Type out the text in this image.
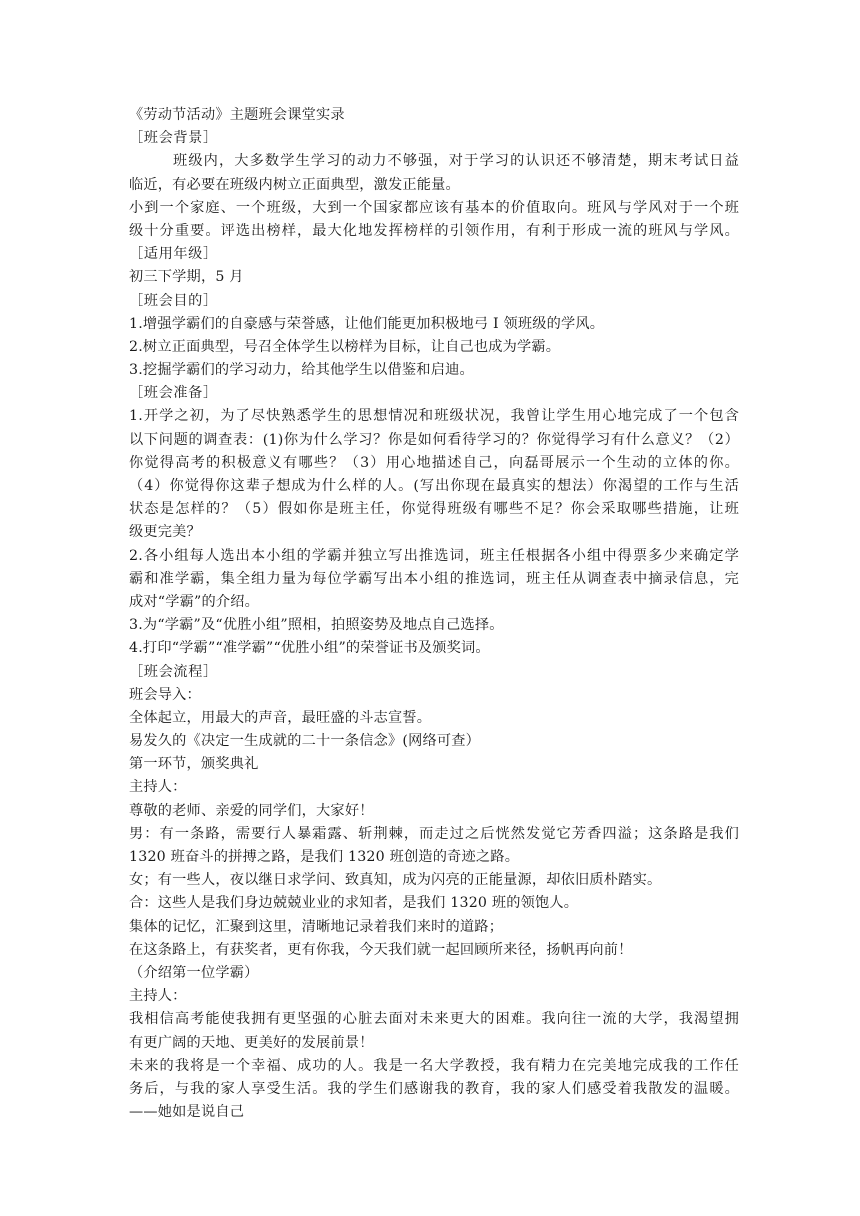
《劳动节活动》主题班会课堂实录
［班会背景］
班级内，大多数学生学习的动力不够强，对于学习的认识还不够清楚，期末考试日益
临近，有必要在班级内树立正面典型，激发正能量。
小到一个家庭、一个班级，大到一个国家都应该有基本的价值取向。班风与学风对于一个班
级十分重要。评选出榜样，最大化地发挥榜样的引领作用，有利于形成一流的班风与学风。
［适用年级］
初三下学期，5 月
［班会目的］
1.增强学霸们的自豪感与荣誉感，让他们能更加积极地弓 I 领班级的学风。
2.树立正面典型，号召全体学生以榜样为目标，让自己也成为学霸。
3.挖掘学霸们的学习动力，给其他学生以借鉴和启迪。
［班会准备］
1.开学之初，为了尽快熟悉学生的思想情况和班级状况，我曾让学生用心地完成了一个包含
以下问题的调查表：(1)你为什么学习？你是如何看待学习的？你觉得学习有什么意义？（2）
你觉得高考的积极意义有哪些？（3）用心地描述自己，向磊哥展示一个生动的立体的你。
（4）你觉得你这辈子想成为什么样的人。(写出你现在最真实的想法）你渴望的工作与生活
状态是怎样的？（5）假如你是班主任，你觉得班级有哪些不足？你会采取哪些措施，让班
级更完美？
2.各小组每人选出本小组的学霸并独立写出推选词，班主任根据各小组中得票多少来确定学
霸和准学霸，集全组力量为每位学霸写出本小组的推选词，班主任从调查表中摘录信息，完
成对“学霸”的介绍。
3.为“学霸”及“优胜小组”照相，拍照姿势及地点自己选择。
4.打印“学霸”“准学霸”“优胜小组”的荣誉证书及颁奖词。
［班会流程］
班会导入：
全体起立，用最大的声音，最旺盛的斗志宣誓。
易发久的《决定一生成就的二十一条信念》(网络可查）
第一环节，颁奖典礼
主持人：
尊敬的老师、亲爱的同学们，大家好！
男：有一条路，需要行人暴霜露、斩荆棘，而走过之后恍然发觉它芳香四溢；这条路是我们
1320 班奋斗的拼搏之路，是我们 1320 班创造的奇迹之路。
女；有一些人，夜以继日求学问、致真知，成为闪亮的正能量源，却依旧质朴踏实。
合：这些人是我们身边兢兢业业的求知者，是我们 1320 班的领饱人。
集体的记忆，汇聚到这里，清晰地记录着我们来时的道路；
在这条路上，有获奖者，更有你我，今天我们就一起回顾所来径，扬帆再向前！
（介绍第一位学霸）
主持人：
我相信高考能使我拥有更坚强的心脏去面对未来更大的困难。我向往一流的大学，我渴望拥
有更广阔的天地、更美好的发展前景！
未来的我将是一个幸福、成功的人。我是一名大学教授，我有精力在完美地完成我的工作任
务后，与我的家人享受生活。我的学生们感谢我的教育，我的家人们感受着我散发的温暖。
——她如是说自己
